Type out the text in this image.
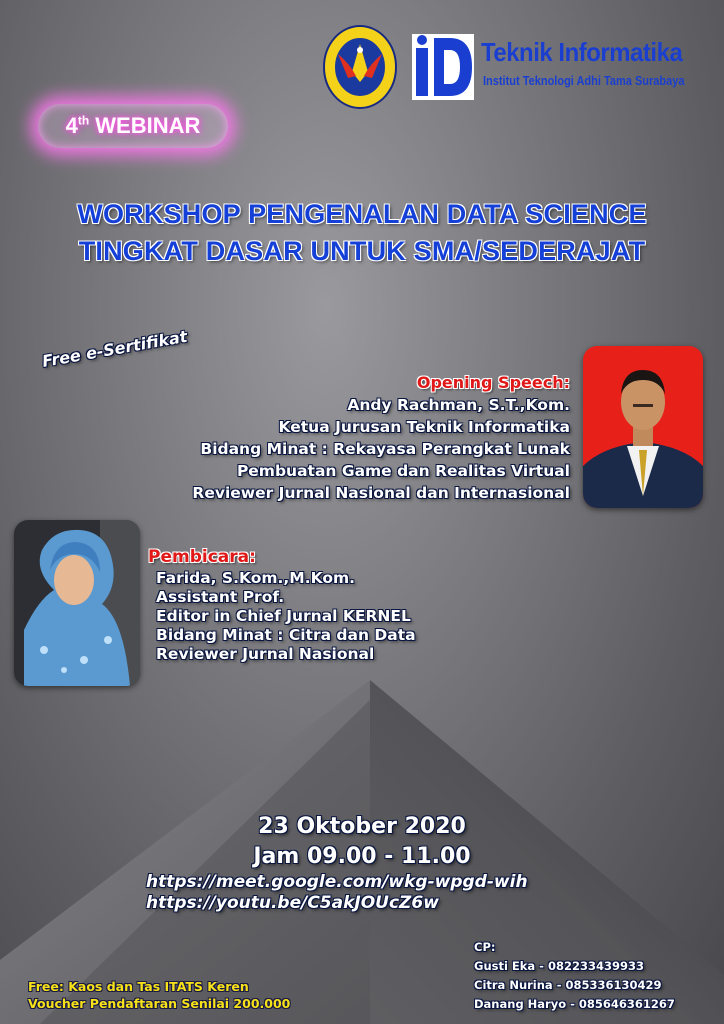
Teknik Informatika
Institut Teknologi Adhi Tama Surabaya
4th WEBINAR
WORKSHOP PENGENALAN DATA SCIENCE
TINGKAT DASAR UNTUK SMA/SEDERAJAT
Free e-Sertifikat
Opening Speech:
Andy Rachman, S.T.,Kom.
Ketua Jurusan Teknik Informatika
Bidang Minat : Rekayasa Perangkat Lunak
Pembuatan Game dan Realitas Virtual
Reviewer Jurnal Nasional dan Internasional
Pembicara:
Farida, S.Kom.,M.Kom.
Assistant Prof.
Editor in Chief Jurnal KERNEL
Bidang Minat : Citra dan Data
Reviewer Jurnal Nasional
23 Oktober 2020
Jam 09.00 - 11.00
https://meet.google.com/wkg-wpgd-wih
https://youtu.be/C5akJOUcZ6w
CP:
Gusti Eka - 082233439933
Citra Nurina - 085336130429
Danang Haryo - 085646361267
Free: Kaos dan Tas ITATS Keren
Voucher Pendaftaran Senilai 200.000
